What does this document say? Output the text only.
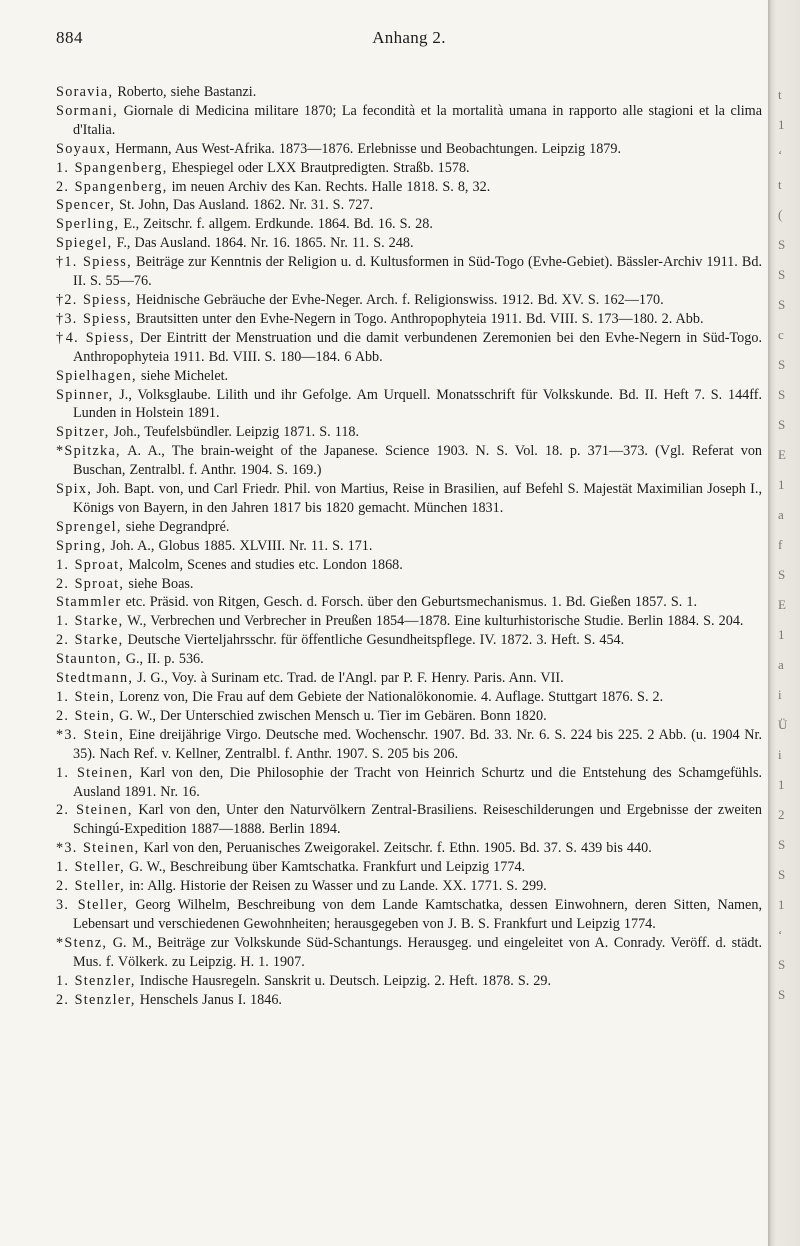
884	Anhang 2.

Soravia, Roberto, siehe Bastanzi.

Sormani, Giornale di Medicina militare 1870; La fecondità et la mortalità umana in rapporto alle stagioni et la clima d'Italia.

Soyaux, Hermann, Aus West-Afrika. 1873—1876. Erlebnisse und Beobachtungen. Leipzig 1879.

1. Spangenberg, Ehespiegel oder LXX Brautpredigten. Straßb. 1578.

2. Spangenberg, im neuen Archiv des Kan. Rechts. Halle 1818. S. 8, 32.

Spencer, St. John, Das Ausland. 1862. Nr. 31. S. 727.

Sperling, E., Zeitschr. f. allgem. Erdkunde. 1864. Bd. 16. S. 28.

Spiegel, F., Das Ausland. 1864. Nr. 16. 1865. Nr. 11. S. 248.

†1. Spiess, Beiträge zur Kenntnis der Religion u. d. Kultusformen in Süd-Togo (Evhe-Gebiet). Bässler-Archiv 1911. Bd. II. S. 55—76.

†2. Spiess, Heidnische Gebräuche der Evhe-Neger. Arch. f. Religionswiss. 1912. Bd. XV. S. 162—170.

†3. Spiess, Brautsitten unter den Evhe-Negern in Togo. Anthropophyteia 1911. Bd. VIII. S. 173—180. 2. Abb.

†4. Spiess, Der Eintritt der Menstruation und die damit verbundenen Zeremonien bei den Evhe-Negern in Süd-Togo. Anthropophyteia 1911. Bd. VIII. S. 180—184. 6 Abb.

Spielhagen, siehe Michelet.

Spinner, J., Volksglaube. Lilith und ihr Gefolge. Am Urquell. Monatsschrift für Volkskunde. Bd. II. Heft 7. S. 144ff. Lunden in Holstein 1891.

Spitzer, Joh., Teufelsbündler. Leipzig 1871. S. 118.

*Spitzka, A. A., The brain-weight of the Japanese. Science 1903. N. S. Vol. 18. p. 371—373. (Vgl. Referat von Buschan, Zentralbl. f. Anthr. 1904. S. 169.)

Spix, Joh. Bapt. von, und Carl Friedr. Phil. von Martius, Reise in Brasilien, auf Befehl S. Majestät Maximilian Joseph I., Königs von Bayern, in den Jahren 1817 bis 1820 gemacht. München 1831.

Sprengel, siehe Degrandpré.

Spring, Joh. A., Globus 1885. XLVIII. Nr. 11. S. 171.

1. Sproat, Malcolm, Scenes and studies etc. London 1868.

2. Sproat, siehe Boas.

Stammler etc. Präsid. von Ritgen, Gesch. d. Forsch. über den Geburtsmechanismus. 1. Bd. Gießen 1857. S. 1.

1. Starke, W., Verbrechen und Verbrecher in Preußen 1854—1878. Eine kulturhistorische Studie. Berlin 1884. S. 204.

2. Starke, Deutsche Vierteljahrsschr. für öffentliche Gesundheitspflege. IV. 1872. 3. Heft. S. 454.

Staunton, G., II. p. 536.

Stedtmann, J. G., Voy. à Surinam etc. Trad. de l'Angl. par P. F. Henry. Paris. Ann. VII.

1. Stein, Lorenz von, Die Frau auf dem Gebiete der Nationalökonomie. 4. Auflage. Stuttgart 1876. S. 2.

2. Stein, G. W., Der Unterschied zwischen Mensch u. Tier im Gebären. Bonn 1820.

*3. Stein, Eine dreijährige Virgo. Deutsche med. Wochenschr. 1907. Bd. 33. Nr. 6. S. 224 bis 225. 2 Abb. (u. 1904 Nr. 35). Nach Ref. v. Kellner, Zentralbl. f. Anthr. 1907. S. 205 bis 206.

1. Steinen, Karl von den, Die Philosophie der Tracht von Heinrich Schurtz und die Entstehung des Schamgefühls. Ausland 1891. Nr. 16.

2. Steinen, Karl von den, Unter den Naturvölkern Zentral-Brasiliens. Reiseschilderungen und Ergebnisse der zweiten Schingú-Expedition 1887—1888. Berlin 1894.

*3. Steinen, Karl von den, Peruanisches Zweigorakel. Zeitschr. f. Ethn. 1905. Bd. 37. S. 439 bis 440.

1. Steller, G. W., Beschreibung über Kamtschatka. Frankfurt und Leipzig 1774.

2. Steller, in: Allg. Historie der Reisen zu Wasser und zu Lande. XX. 1771. S. 299.

3. Steller, Georg Wilhelm, Beschreibung von dem Lande Kamtschatka, dessen Einwohnern, deren Sitten, Namen, Lebensart und verschiedenen Gewohnheiten; herausgegeben von J. B. S. Frankfurt und Leipzig 1774.

*Stenz, G. M., Beiträge zur Volkskunde Süd-Schantungs. Herausgeg. und eingeleitet von A. Conrady. Veröff. d. städt. Mus. f. Völkerk. zu Leipzig. H. 1. 1907.

1. Stenzler, Indische Hausregeln. Sanskrit u. Deutsch. Leipzig. 2. Heft. 1878. S. 29.

2. Stenzler, Henschels Janus I. 1846.

t
1
ʻ
t
(
S
S
S
c
S
S
S
E
1
a
f
S
E
1
a
i
Ü
i
1
2
S
S
1
ʻ
S
S
